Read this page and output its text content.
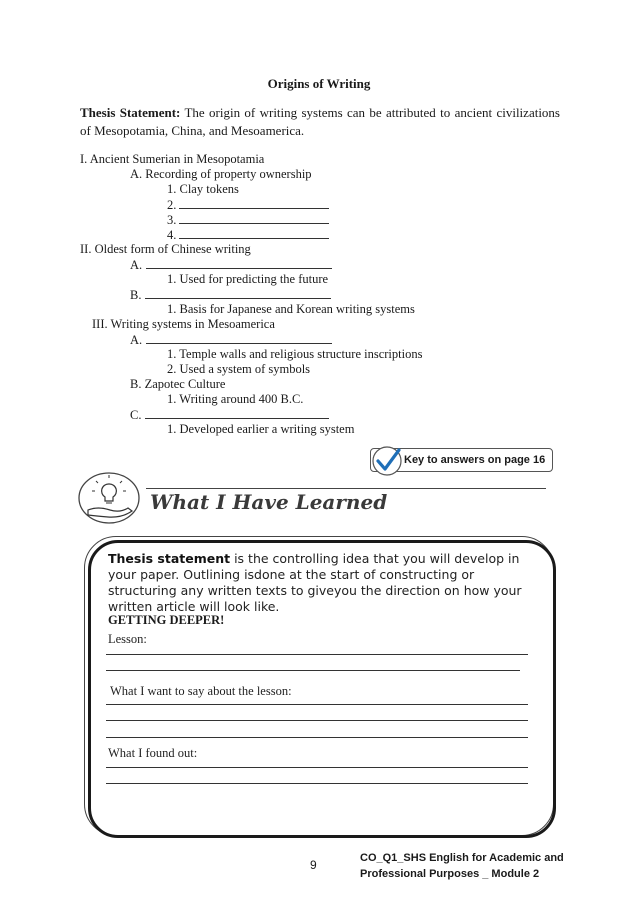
Origins of Writing
Thesis Statement: The origin of writing systems can be attributed to ancient civilizations of Mesopotamia, China, and Mesoamerica.
I. Ancient Sumerian in Mesopotamia
A. Recording of property ownership
1. Clay tokens
2.
3.
4.
II. Oldest form of Chinese writing
A.
1. Used for predicting the future
B.
1. Basis for Japanese and Korean writing systems
III. Writing systems in Mesoamerica
A.
1. Temple walls and religious structure inscriptions
2. Used a system of symbols
B. Zapotec Culture
1. Writing around 400 B.C.
C.
1. Developed earlier a writing system
Key to answers on page 16
What I Have Learned
Thesis statement is the controlling idea that you will develop in your paper. Outlining isdone at the start of constructing or structuring any written texts to giveyou the direction on how your written article will look like.
GETTING DEEPER!
Lesson:
What I want to say about the lesson:
What I found out:
9	CO_Q1_SHS English for Academic and
Professional Purposes _ Module 2
